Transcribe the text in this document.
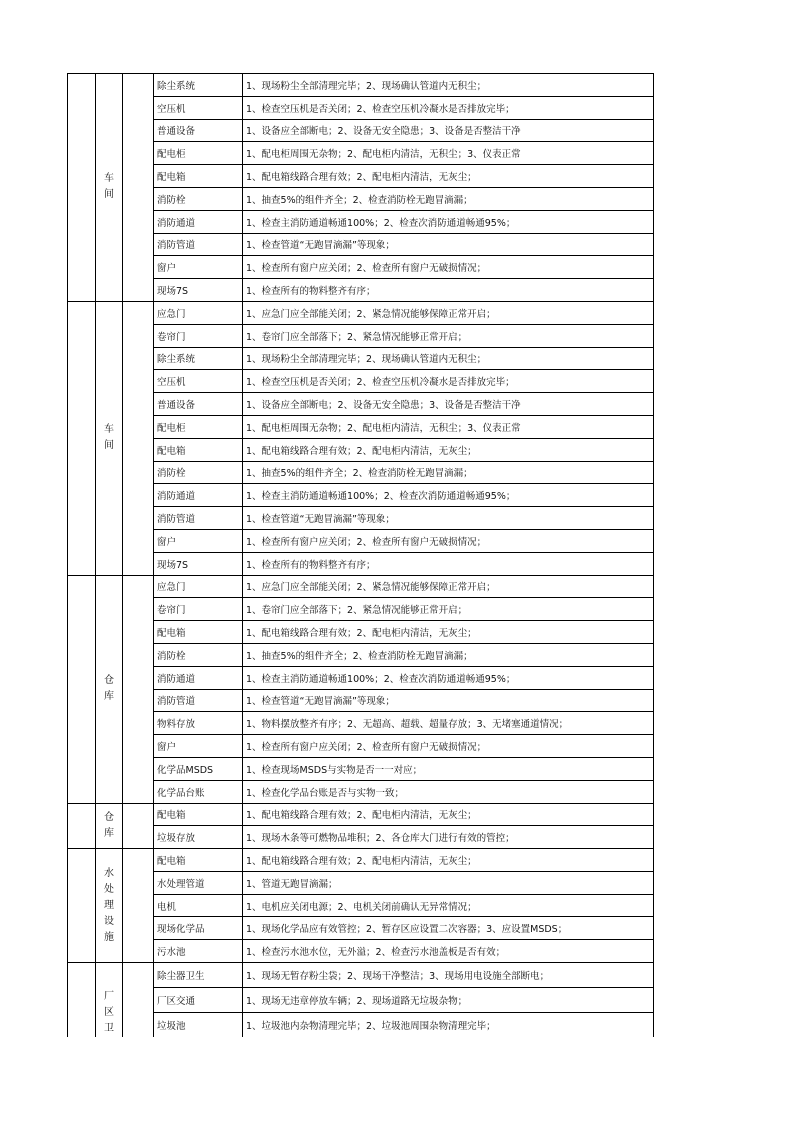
	车间		除尘系统	1、现场粉尘全部清理完毕；2、现场确认管道内无积尘；
			空压机	1、检查空压机是否关闭；2、检查空压机冷凝水是否排放完毕；
			普通设备	1、设备应全部断电；2、设备无安全隐患；3、设备是否整洁干净
			配电柜	1、配电柜周围无杂物；2、配电柜内清洁，无积尘；3、仪表正常
			配电箱	1、配电箱线路合理有效；2、配电柜内清洁，无灰尘；
			消防栓	1、抽查5%的组件齐全；2、检查消防栓无跑冒滴漏；
			消防通道	1、检查主消防通道畅通100%；2、检查次消防通道畅通95%；
			消防管道	1、检查管道“无跑冒滴漏”等现象；
			窗户	1、检查所有窗户应关闭；2、检查所有窗户无破损情况；
			现场7S	1、检查所有的物料整齐有序；
	车间		应急门	1、应急门应全部能关闭；2、紧急情况能够保障正常开启；
			卷帘门	1、卷帘门应全部落下；2、紧急情况能够正常开启；
			除尘系统	1、现场粉尘全部清理完毕；2、现场确认管道内无积尘；
			空压机	1、检查空压机是否关闭；2、检查空压机冷凝水是否排放完毕；
			普通设备	1、设备应全部断电；2、设备无安全隐患；3、设备是否整洁干净
			配电柜	1、配电柜周围无杂物；2、配电柜内清洁，无积尘；3、仪表正常
			配电箱	1、配电箱线路合理有效；2、配电柜内清洁，无灰尘；
			消防栓	1、抽查5%的组件齐全；2、检查消防栓无跑冒滴漏；
			消防通道	1、检查主消防通道畅通100%；2、检查次消防通道畅通95%；
			消防管道	1、检查管道“无跑冒滴漏”等现象；
			窗户	1、检查所有窗户应关闭；2、检查所有窗户无破损情况；
			现场7S	1、检查所有的物料整齐有序；
	仓库		应急门	1、应急门应全部能关闭；2、紧急情况能够保障正常开启；
			卷帘门	1、卷帘门应全部落下；2、紧急情况能够正常开启；
			配电箱	1、配电箱线路合理有效；2、配电柜内清洁，无灰尘；
			消防栓	1、抽查5%的组件齐全；2、检查消防栓无跑冒滴漏；
			消防通道	1、检查主消防通道畅通100%；2、检查次消防通道畅通95%；
			消防管道	1、检查管道“无跑冒滴漏”等现象；
			物料存放	1、物料摆放整齐有序；2、无超高、超载、超量存放；3、无堵塞通道情况；
			窗户	1、检查所有窗户应关闭；2、检查所有窗户无破损情况；
			化学品MSDS	1、检查现场MSDS与实物是否一一对应；
			化学品台账	1、检查化学品台账是否与实物一致；
	仓库		配电箱	1、配电箱线路合理有效；2、配电柜内清洁，无灰尘；
			垃圾存放	1、现场木条等可燃物品堆积；2、各仓库大门进行有效的管控；
	水处理设施		配电箱	1、配电箱线路合理有效；2、配电柜内清洁，无灰尘；
			水处理管道	1、管道无跑冒滴漏；
			电机	1、电机应关闭电源；2、电机关闭前确认无异常情况；
			现场化学品	1、现场化学品应有效管控；2、暂存区应设置二次容器；3、应设置MSDS；
			污水池	1、检查污水池水位，无外溢；2、检查污水池盖板是否有效；
	厂区卫		除尘器卫生	1、现场无暂存粉尘袋；2、现场干净整洁；3、现场用电设施全部断电；
			厂区交通	1、现场无违章停放车辆；2、现场道路无垃圾杂物；
			垃圾池	1、垃圾池内杂物清理完毕；2、垃圾池周围杂物清理完毕；
